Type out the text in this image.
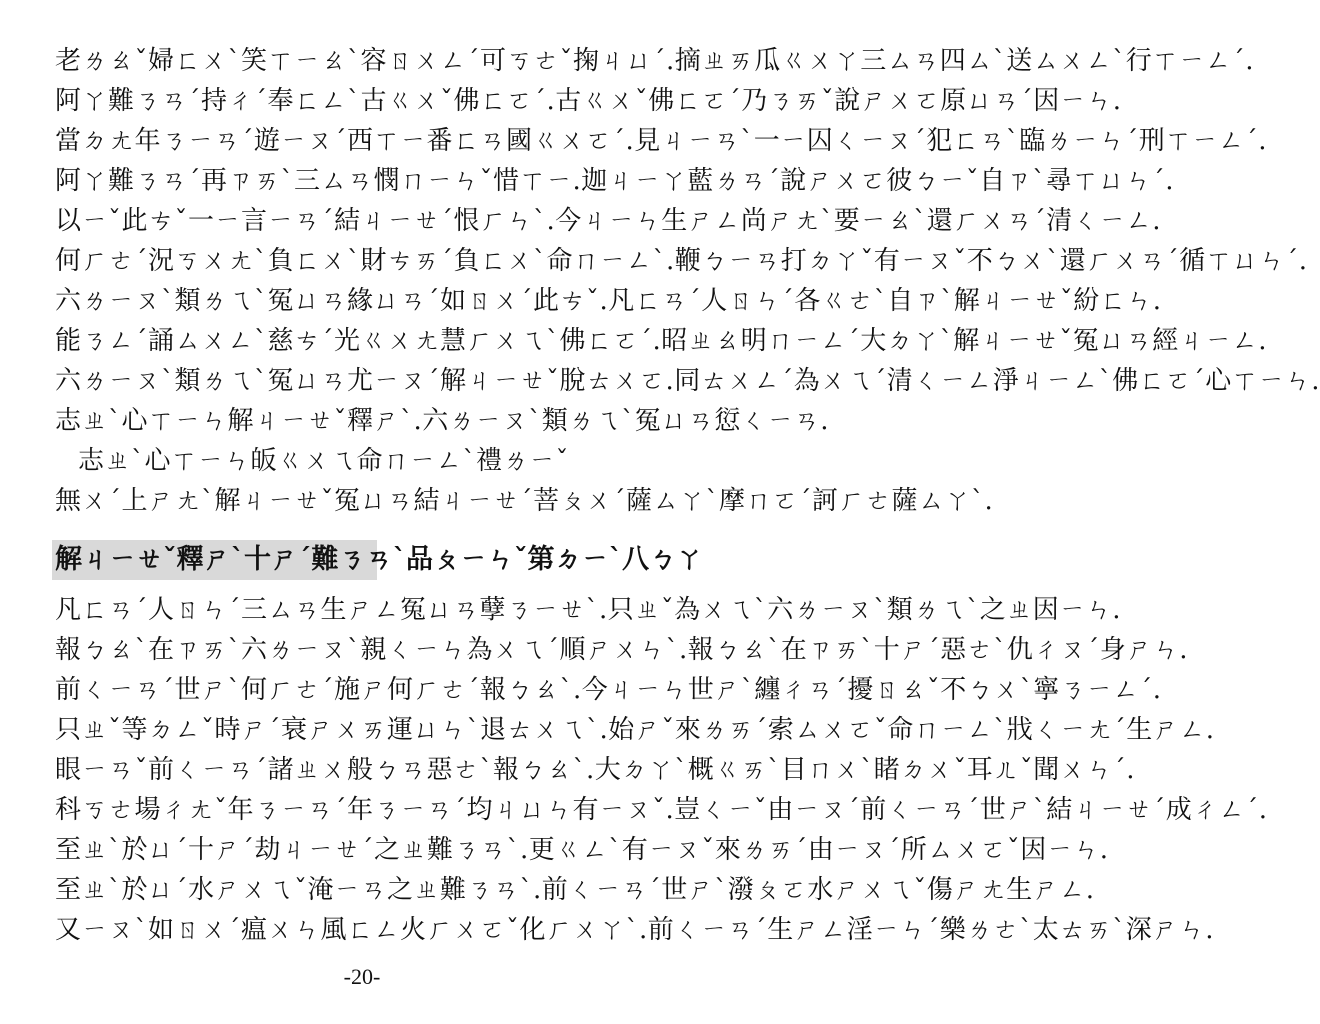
老ㄌㄠˇ婦ㄈㄨˋ笑ㄒㄧㄠˋ容ㄖㄨㄥˊ可ㄎㄜˇ掬ㄐㄩˊ.摘ㄓㄞ瓜ㄍㄨㄚ三ㄙㄢ四ㄙˋ送ㄙㄨㄥˋ行ㄒㄧㄥˊ.
阿ㄚ難ㄋㄢˊ持ㄔˊ奉ㄈㄥˋ古ㄍㄨˇ佛ㄈㄛˊ.古ㄍㄨˇ佛ㄈㄛˊ乃ㄋㄞˇ說ㄕㄨㄛ原ㄩㄢˊ因ㄧㄣ.
當ㄉㄤ年ㄋㄧㄢˊ遊ㄧㄡˊ西ㄒㄧ番ㄈㄢ國ㄍㄨㄛˊ.見ㄐㄧㄢˋ一ㄧ囚ㄑㄧㄡˊ犯ㄈㄢˋ臨ㄌㄧㄣˊ刑ㄒㄧㄥˊ.
阿ㄚ難ㄋㄢˊ再ㄗㄞˋ三ㄙㄢ憫ㄇㄧㄣˇ惜ㄒㄧ.迦ㄐㄧㄚ藍ㄌㄢˊ說ㄕㄨㄛ彼ㄅㄧˇ自ㄗˋ尋ㄒㄩㄣˊ.
以ㄧˇ此ㄘˇ一ㄧ言ㄧㄢˊ結ㄐㄧㄝˊ恨ㄏㄣˋ.今ㄐㄧㄣ生ㄕㄥ尚ㄕㄤˋ要ㄧㄠˋ還ㄏㄨㄢˊ清ㄑㄧㄥ.
何ㄏㄜˊ況ㄎㄨㄤˋ負ㄈㄨˋ財ㄘㄞˊ負ㄈㄨˋ命ㄇㄧㄥˋ.鞭ㄅㄧㄢ打ㄉㄚˇ有ㄧㄡˇ不ㄅㄨˋ還ㄏㄨㄢˊ循ㄒㄩㄣˊ.
六ㄌㄧㄡˋ類ㄌㄟˋ冤ㄩㄢ緣ㄩㄢˊ如ㄖㄨˊ此ㄘˇ.凡ㄈㄢˊ人ㄖㄣˊ各ㄍㄜˋ自ㄗˋ解ㄐㄧㄝˇ紛ㄈㄣ.
能ㄋㄥˊ誦ㄙㄨㄥˋ慈ㄘˊ光ㄍㄨㄤ慧ㄏㄨㄟˋ佛ㄈㄛˊ.昭ㄓㄠ明ㄇㄧㄥˊ大ㄉㄚˋ解ㄐㄧㄝˇ冤ㄩㄢ經ㄐㄧㄥ.
六ㄌㄧㄡˋ類ㄌㄟˋ冤ㄩㄢ尤ㄧㄡˊ解ㄐㄧㄝˇ脫ㄊㄨㄛ.同ㄊㄨㄥˊ為ㄨㄟˊ清ㄑㄧㄥ淨ㄐㄧㄥˋ佛ㄈㄛˊ心ㄒㄧㄣ.
志ㄓˋ心ㄒㄧㄣ解ㄐㄧㄝˇ釋ㄕˋ.六ㄌㄧㄡˋ類ㄌㄟˋ冤ㄩㄢ愆ㄑㄧㄢ.
志ㄓˋ心ㄒㄧㄣ皈ㄍㄨㄟ命ㄇㄧㄥˋ禮ㄌㄧˇ
無ㄨˊ上ㄕㄤˋ解ㄐㄧㄝˇ冤ㄩㄢ結ㄐㄧㄝˊ菩ㄆㄨˊ薩ㄙㄚˋ摩ㄇㄛˊ訶ㄏㄜ薩ㄙㄚˋ.
解ㄐㄧㄝˇ釋ㄕˋ十ㄕˊ難ㄋㄢˋ品ㄆㄧㄣˇ第ㄉㄧˋ八ㄅㄚ
凡ㄈㄢˊ人ㄖㄣˊ三ㄙㄢ生ㄕㄥ冤ㄩㄢ孽ㄋㄧㄝˋ.只ㄓˇ為ㄨㄟˋ六ㄌㄧㄡˋ類ㄌㄟˋ之ㄓ因ㄧㄣ.
報ㄅㄠˋ在ㄗㄞˋ六ㄌㄧㄡˋ親ㄑㄧㄣ為ㄨㄟˊ順ㄕㄨㄣˋ.報ㄅㄠˋ在ㄗㄞˋ十ㄕˊ惡ㄜˋ仇ㄔㄡˊ身ㄕㄣ.
前ㄑㄧㄢˊ世ㄕˋ何ㄏㄜˊ施ㄕ何ㄏㄜˊ報ㄅㄠˋ.今ㄐㄧㄣ世ㄕˋ纏ㄔㄢˊ擾ㄖㄠˇ不ㄅㄨˋ寧ㄋㄧㄥˊ.
只ㄓˇ等ㄉㄥˇ時ㄕˊ衰ㄕㄨㄞ運ㄩㄣˋ退ㄊㄨㄟˋ.始ㄕˇ來ㄌㄞˊ索ㄙㄨㄛˇ命ㄇㄧㄥˋ戕ㄑㄧㄤˊ生ㄕㄥ.
眼ㄧㄢˇ前ㄑㄧㄢˊ諸ㄓㄨ般ㄅㄢ惡ㄜˋ報ㄅㄠˋ.大ㄉㄚˋ概ㄍㄞˋ目ㄇㄨˋ睹ㄉㄨˇ耳ㄦˇ聞ㄨㄣˊ.
科ㄎㄜ場ㄔㄤˇ年ㄋㄧㄢˊ年ㄋㄧㄢˊ均ㄐㄩㄣ有ㄧㄡˇ.豈ㄑㄧˇ由ㄧㄡˊ前ㄑㄧㄢˊ世ㄕˋ結ㄐㄧㄝˊ成ㄔㄥˊ.
至ㄓˋ於ㄩˊ十ㄕˊ劫ㄐㄧㄝˊ之ㄓ難ㄋㄢˋ.更ㄍㄥˋ有ㄧㄡˇ來ㄌㄞˊ由ㄧㄡˊ所ㄙㄨㄛˇ因ㄧㄣ.
至ㄓˋ於ㄩˊ水ㄕㄨㄟˇ淹ㄧㄢ之ㄓ難ㄋㄢˋ.前ㄑㄧㄢˊ世ㄕˋ潑ㄆㄛ水ㄕㄨㄟˇ傷ㄕㄤ生ㄕㄥ.
又ㄧㄡˋ如ㄖㄨˊ瘟ㄨㄣ風ㄈㄥ火ㄏㄨㄛˇ化ㄏㄨㄚˋ.前ㄑㄧㄢˊ生ㄕㄥ淫ㄧㄣˊ樂ㄌㄜˋ太ㄊㄞˋ深ㄕㄣ.
-20-
